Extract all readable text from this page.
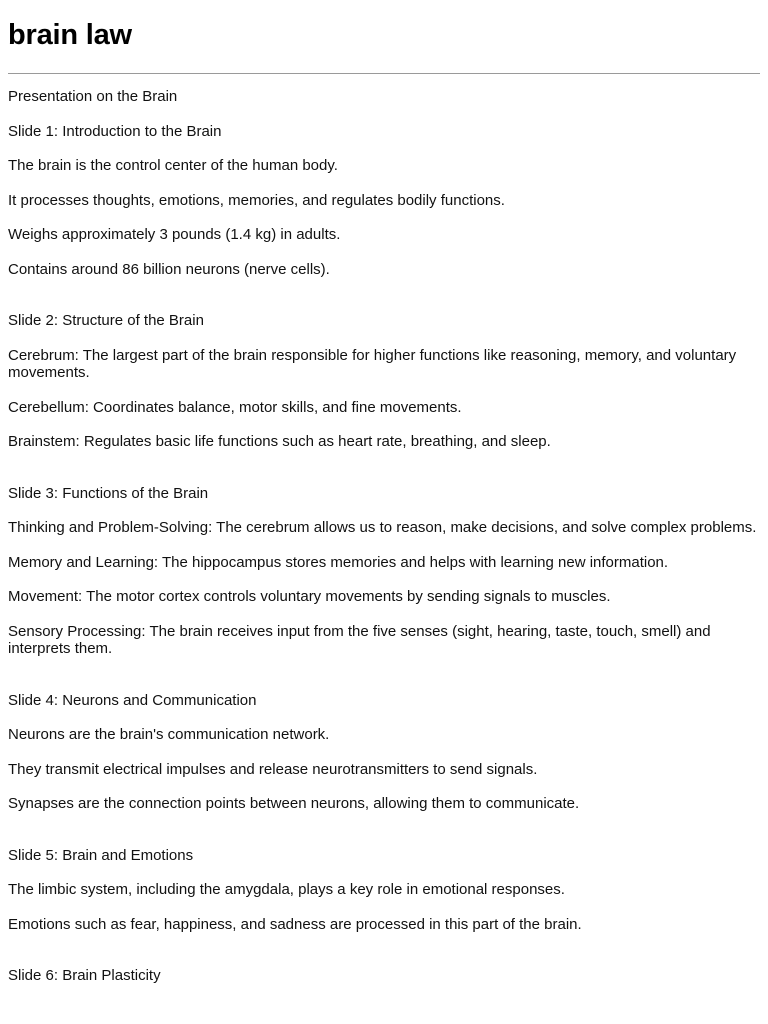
brain law

Presentation on the Brain

Slide 1: Introduction to the Brain

The brain is the control center of the human body.

It processes thoughts, emotions, memories, and regulates bodily functions.

Weighs approximately 3 pounds (1.4 kg) in adults.

Contains around 86 billion neurons (nerve cells).

Slide 2: Structure of the Brain

Cerebrum: The largest part of the brain responsible for higher functions like reasoning, memory, and voluntary movements.

Cerebellum: Coordinates balance, motor skills, and fine movements.

Brainstem: Regulates basic life functions such as heart rate, breathing, and sleep.

Slide 3: Functions of the Brain

Thinking and Problem-Solving: The cerebrum allows us to reason, make decisions, and solve complex problems.

Memory and Learning: The hippocampus stores memories and helps with learning new information.

Movement: The motor cortex controls voluntary movements by sending signals to muscles.

Sensory Processing: The brain receives input from the five senses (sight, hearing, taste, touch, smell) and interprets them.

Slide 4: Neurons and Communication

Neurons are the brain's communication network.

They transmit electrical impulses and release neurotransmitters to send signals.

Synapses are the connection points between neurons, allowing them to communicate.

Slide 5: Brain and Emotions

The limbic system, including the amygdala, plays a key role in emotional responses.

Emotions such as fear, happiness, and sadness are processed in this part of the brain.

Slide 6: Brain Plasticity
